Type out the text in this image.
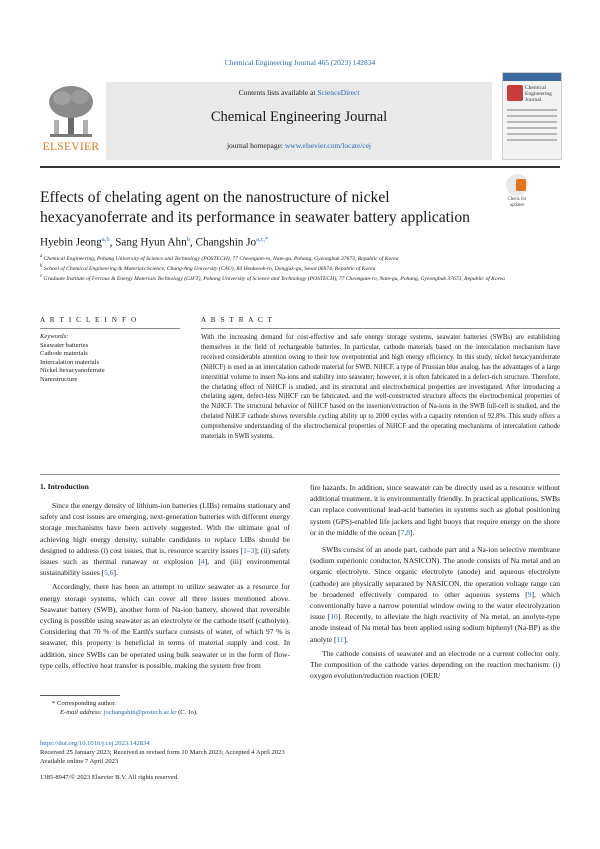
Chemical Engineering Journal 465 (2023) 142834
ELSEVIER
Contents lists available at ScienceDirect
Chemical Engineering Journal
journal homepage: www.elsevier.com/locate/cej
Chemical Engineering Journal
Effects of chelating agent on the nanostructure of nickel hexacyanoferrate and its performance in seawater battery application
Check for updates
Hyebin Jeong$^{a,b}$, Sang Hyun Ahn$^b$, Changshin $Jo^{a,c,*}$
$^a$ Chemical Engineering, Pohang University of Science and Technology (POSTECH), 77 Cheongam-ro, Nam-gu, Pohang, Gyeongbuk 37673, Republic of Korea
$^b$ School of Chemical Engineering & Materials Science, Chung-Ang University (CAU), 84 Heukseok-ro, Dongjak-gu, Seoul 06974, Republic of Korea
$^c$ Graduate Institute of Ferrous & Energy Materials Technology (GIFT), Pohang University of Science and Technology (POSTECH), 77 Cheongam-ro, Nam-gu, Pohang, Gyeongbuk 37673, Republic of Korea
A R T I C L E I N F O	A B S T R A C T
Keywords:
Seawater batteries
Cathode materials
Intercalation materials
Nickel hexacyanoferrate
Nanostructure
With the increasing demand for cost-effective and safe energy storage systems, seawater batteries (SWBs) are establishing themselves in the field of rechargeable batteries. In particular, cathode materials based on the intercalation mechanism have received considerable attention owing to their low overpotential and high energy efficiency. In this study, nickel hexacyanoferrate (NiHCF) is used as an intercalation cathode material for SWB. NiHCF, a type of Prussian blue analog, has the advantages of a large interstitial volume to insert Na-ions and stability into seawater; however, it is often fabricated in a defect-rich structure. Therefore, the chelating effect of NiHCF is studied, and its structural and electrochemical properties are investigated. After introducing a chelating agent, defect-less NiHCF can be fabricated, and the well-constructed structure affects the electrochemical properties of the NiHCF. The structural behavior of NiHCF based on the insertion/extraction of Na-ions in the SWB full-cell is studied, and the chelated NiHCF cathode shows reversible cycling ability up to 2000 cycles with a capacity retention of 92.8%. This study offers a comprehensive understanding of the electrochemical properties of NiHCF and the operating mechanisms of intercalation cathode materials in SWB systems.
1. Introduction

Since the energy density of lithium-ion batteries (LIBs) remains stationary and safety and cost issues are emerging, next-generation batteries with different energy storage mechanisms have been actively suggested. With the ultimate goal of achieving high energy density, suitable candidates to replace LIBs should be designed to address (i) cost issues, that is, resource scarcity issues [1–3]; (ii) safety issues such as thermal runaway or explosion [4], and (iii) environmental sustainability issues [5,6].

Accordingly, there has been an attempt to utilize seawater as a resource for energy storage systems, which can cover all three issues mentioned above. Seawater battery (SWB), another form of Na-ion battery, showed that reversible cycling is possible using seawater as an electrolyte or the cathode itself (catholyte). Considering that 70 % of the Earth's surface consists of water, of which 97 % is seawater, this property is beneficial in terms of material supply and cost. In addition, since SWBs can be operated using bulk seawater or in the form of flow-type cells, effective heat transfer is possible, making the system free from

fire hazards. In addition, since seawater can be directly used as a resource without additional treatment, it is environmentally friendly. In practical applications, SWBs can replace conventional lead-acid batteries in systems such as global positioning system (GPS)-enabled life jackets and light buoys that require energy on the shore or in the middle of the ocean [7,8].

SWBs consist of an anode part, cathode part and a Na-ion selective membrane (sodium superionic conductor, NASICON). The anode consists of Na metal and an organic electrolyte. Since organic electrolyte (anode) and aqueous electrolyte (cathode) are physically separated by NASICON, the operation voltage range can be broadened effectively compared to other aqueous systems [9], which conventionally have a narrow potential window owing to the water electrolyzation issue [10]. Recently, to alleviate the high reactivity of Na metal, an anolyte-type anode instead of Na metal has been applied using sodium biphenyl (Na-BP) as the anolyte [11].

The cathode consists of seawater and an electrode or a current collector only. The composition of the cathode varies depending on the reaction mechanism: (i) oxygen evolution/reduction reaction (OER/

* Corresponding author.
E-mail address: jochangshin@postech.ac.kr (C. Jo).
https://doi.org/10.1016/j.cej.2023.142834
Received 25 January 2023; Received in revised form 10 March 2023; Accepted 4 April 2023
Available online 7 April 2023
1385-8947/© 2023 Elsevier B.V. All rights reserved.
